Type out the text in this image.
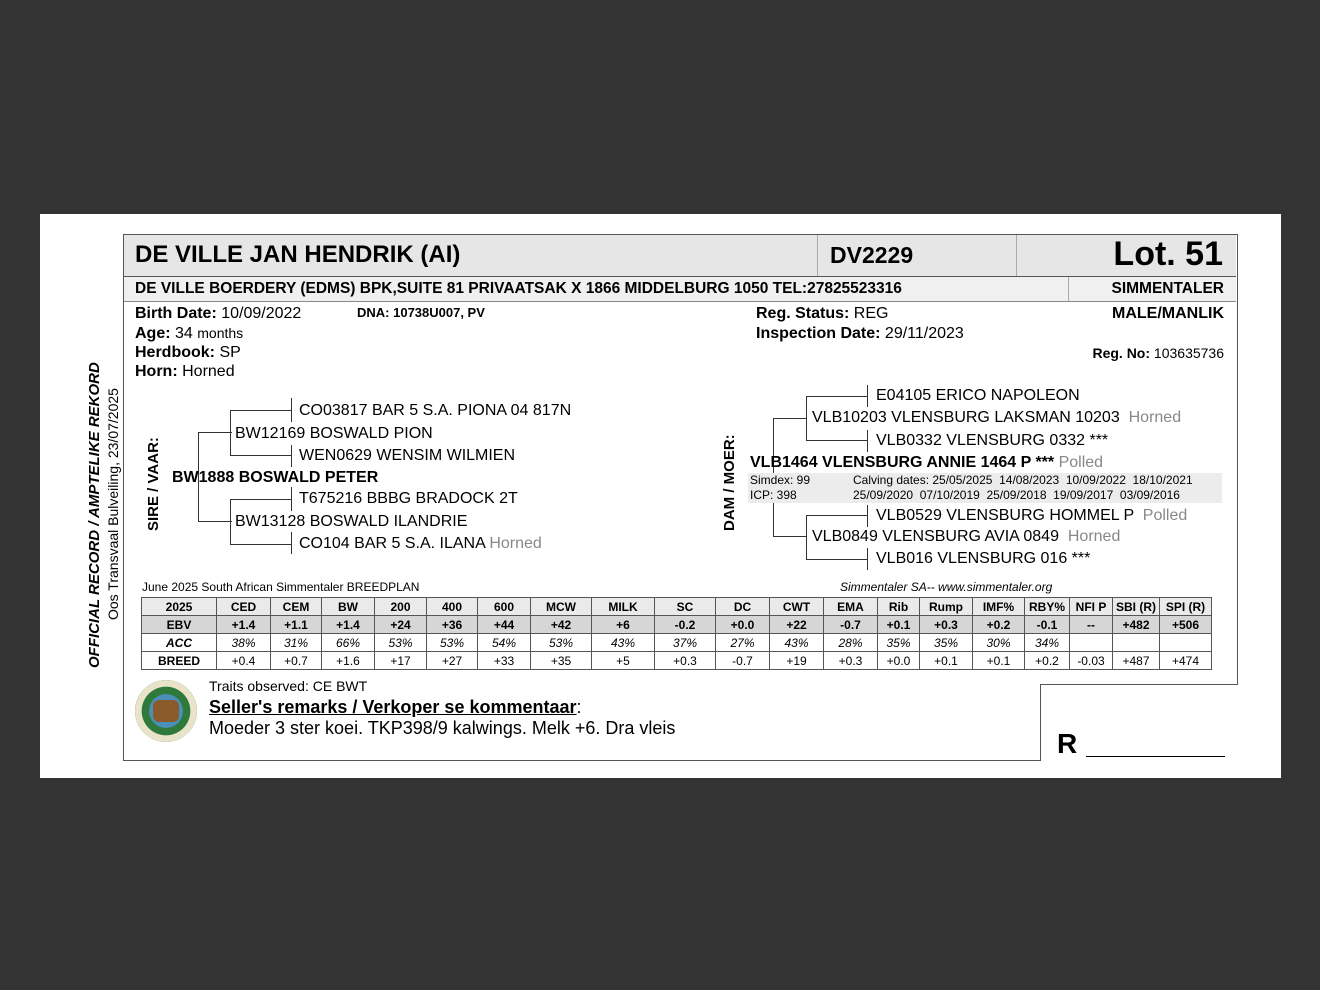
DE VILLE JAN HENDRIK (AI)	DV2229	Lot. 51
DE VILLE BOERDERY (EDMS) BPK,SUITE 81 PRIVAATSAK X 1866 MIDDELBURG 1050 TEL:27825523316	SIMMENTALER
Birth Date: 10/09/2022	DNA: 10738U007, PV
Age: 34 months
Herdbook: SP
Horn: Horned
Reg. Status: REG
Inspection Date: 29/11/2023
MALE/MANLIK
Reg. No: 103635736
OFFICIAL RECORD / AMPTELIKE REKORD Oos Transvaal Bulveiling, 23/07/2025 SIRE / VAAR:	DAM / MOER:
CO03817 BAR 5 S.A. PIONA 04 817N
BW12169 BOSWALD PION
WEN0629 WENSIM WILMIEN
BW1888 BOSWALD PETER
T675216 BBBG BRADOCK 2T
BW13128 BOSWALD ILANDRIE
CO104 BAR 5 S.A. ILANA Horned
E04105 ERICO NAPOLEON
VLB10203 VLENSBURG LAKSMAN 10203 Horned
VLB0332 VLENSBURG 0332 ***
VLB1464 VLENSBURG ANNIE 1464 P *** Polled
Simdex: 99
ICP: 398
Calving dates: 25/05/2025  14/08/2023  10/09/2022  18/10/2021
25/09/2020  07/10/2019  25/09/2018  19/09/2017  03/09/2016
VLB0529 VLENSBURG HOMMEL P Polled
VLB0849 VLENSBURG AVIA 0849 Horned
VLB016 VLENSBURG 016 ***
June 2025 South African Simmentaler BREEDPLAN	Simmentaler SA-- www.simmentaler.org
2025	CED	CEM	BW	200	400	600	MCW	MILK	SC	DC	CWT	EMA	Rib	Rump	IMF%	RBY%	NFI P	SBI (R)	SPI (R)
EBV	+1.4	+1.1	+1.4	+24	+36	+44	+42	+6	-0.2	+0.0	+22	-0.7	+0.1	+0.3	+0.2	-0.1	--	+482	+506
ACC	38%	31%	66%	53%	53%	54%	53%	43%	37%	27%	43%	28%	35%	35%	30%	34%			
BREED	+0.4	+0.7	+1.6	+17	+27	+33	+35	+5	+0.3	-0.7	+19	+0.3	+0.0	+0.1	+0.1	+0.2	-0.03	+487	+474
Traits observed: CE BWT
Seller's remarks / Verkoper se kommentaar:
Moeder 3 ster koei. TKP398/9 kalwings. Melk +6. Dra vleis	R
